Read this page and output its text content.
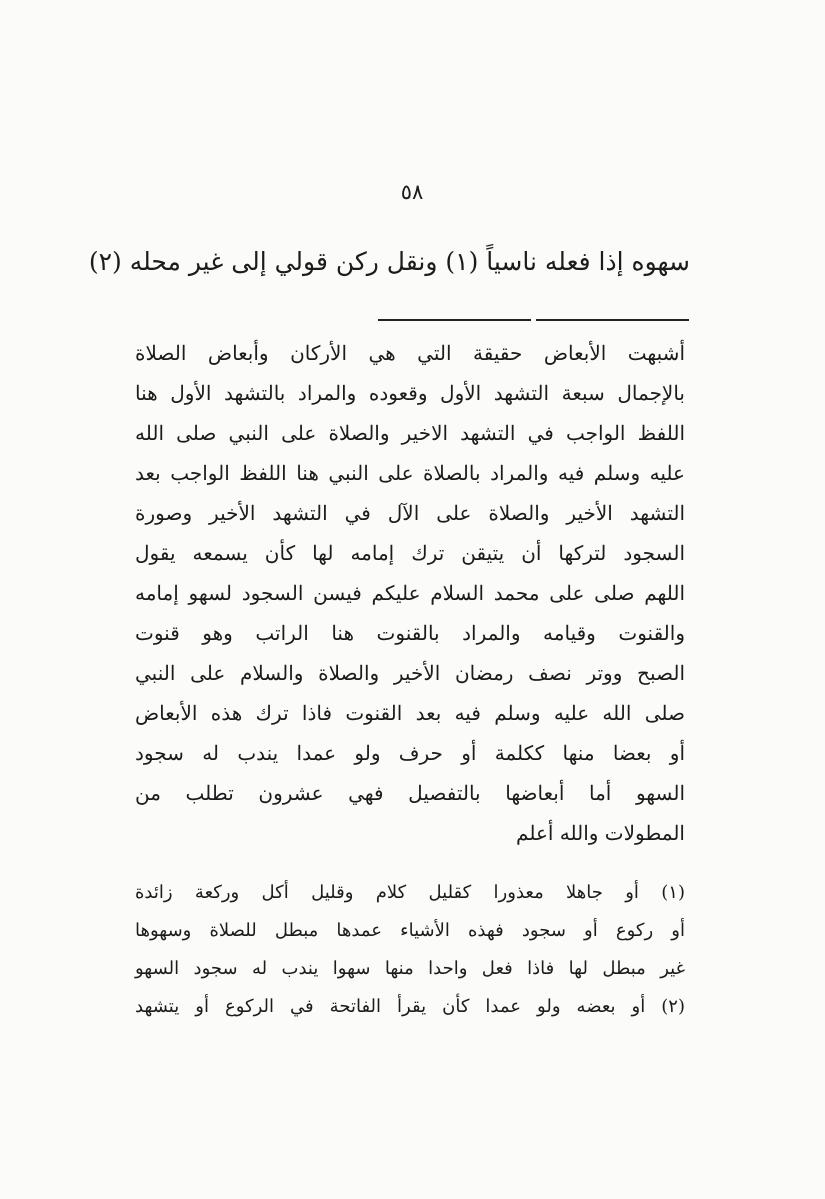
٥٨
سهوه إذا فعله ناسياً (١) ونقل ركن قولي إلى غير محله (٢)
أشبهت الأبعاض حقيقة التي هي الأركان وأبعاض الصلاة
بالإجمال سبعة التشهد الأول وقعوده والمراد بالتشهد الأول هنا
اللفظ الواجب في التشهد الاخير والصلاة على النبي صلى الله
عليه وسلم فيه والمراد بالصلاة على النبي هنا اللفظ الواجب بعد
التشهد الأخير والصلاة على الآل في التشهد الأخير وصورة
السجود لتركها أن يتيقن ترك إمامه لها كأن يسمعه يقول
اللهم صلى على محمد السلام عليكم فيسن السجود لسهو إمامه
والقنوت وقيامه والمراد بالقنوت هنا الراتب وهو قنوت
الصبح ووتر نصف رمضان الأخير والصلاة والسلام على النبي
صلى الله عليه وسلم فيه بعد القنوت فاذا ترك هذه الأبعاض
أو بعضا منها ككلمة أو حرف ولو عمدا يندب له سجود
السهو أما أبعاضها بالتفصيل فهي عشرون تطلب من
المطولات والله أعلم
(١) أو جاهلا معذورا كقليل كلام وقليل أكل وركعة زائدة
أو ركوع أو سجود فهذه الأشياء عمدها مبطل للصلاة وسهوها
غير مبطل لها فاذا فعل واحدا منها سهوا يندب له سجود السهو
(٢) أو بعضه ولو عمدا كأن يقرأ الفاتحة في الركوع أو يتشهد
